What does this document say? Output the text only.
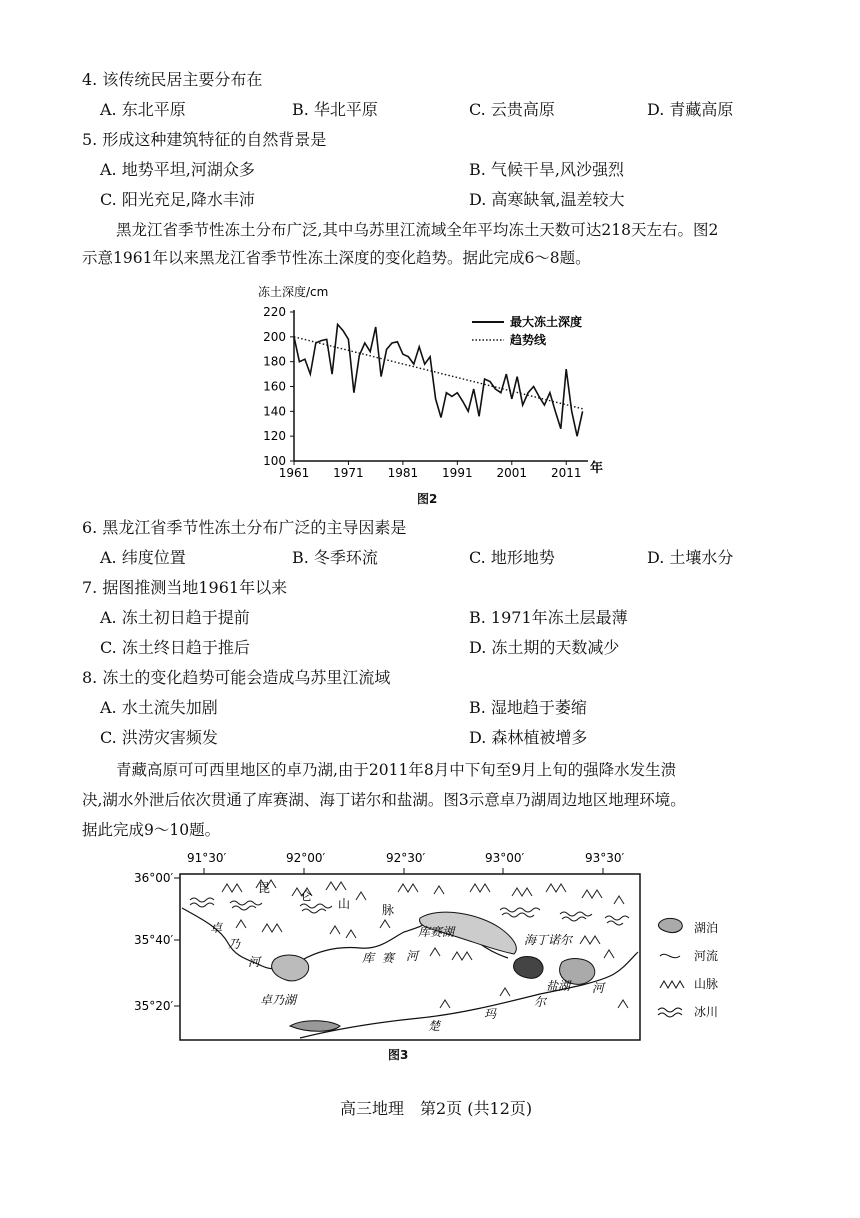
4. 该传统民居主要分布在
A. 东北平原	B. 华北平原	C. 云贵高原	D. 青藏高原
5. 形成这种建筑特征的自然背景是
A. 地势平坦,河湖众多	B. 气候干旱,风沙强烈
C. 阳光充足,降水丰沛	D. 高寒缺氧,温差较大
黑龙江省季节性冻土分布广泛,其中乌苏里江流域全年平均冻土天数可达218天左右。图2
示意1961年以来黑龙江省季节性冻土深度的变化趋势。据此完成6～8题。
冻土深度/cm
100
120
140
160
180
200
220
1961 1971 1981 1991 2001 2011 年
最大冻土深度
趋势线
图2
6. 黑龙江省季节性冻土分布广泛的主导因素是
A. 纬度位置	B. 冬季环流	C. 地形地势	D. 土壤水分
7. 据图推测当地1961年以来
A. 冻土初日趋于提前	B. 1971年冻土层最薄
C. 冻土终日趋于推后	D. 冻土期的天数减少
8. 冻土的变化趋势可能会造成乌苏里江流域
A. 水土流失加剧	B. 湿地趋于萎缩
C. 洪涝灾害频发	D. 森林植被增多
青藏高原可可西里地区的卓乃湖,由于2011年8月中下旬至9月上旬的强降水发生溃
决,湖水外泄后依次贯通了库赛湖、海丁诺尔和盐湖。图3示意卓乃湖周边地区地理环境。
据此完成9～10题。
91°30′	92°00′	92°30′	93°00′	93°30′
36°00′
35°40′
35°20′
昆
仑
山	脉
库赛湖
海丁诺尔
盐湖
卓乃湖
卓
乃
河	库 赛 河
楚
玛
尔
河
湖泊
河流
山脉
冰川
图3
高三地理　第2页 (共12页)
